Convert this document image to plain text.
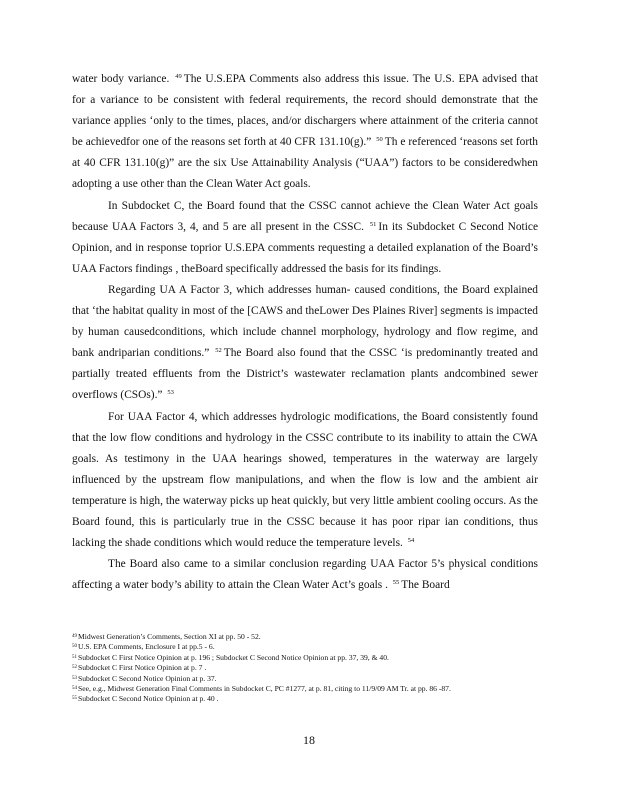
water body variance. $^{49}$ The U.S.EPA Comments also address this issue. The U.S. EPA advised that for a variance to be consistent with federal requirements, the record should demonstrate that the variance applies ‘only to the times, places, and/or dischargers where attainment of the criteria cannot be achievedfor one of the reasons set forth at 40 CFR 131.10(g).” $^{50}$ Th e referenced ‘reasons set forth at 40 CFR 131.10(g)” are the six Use Attainability Analysis (“UAA”) factors to be consideredwhen adopting a use other than the Clean Water Act goals.

In Subdocket C, the Board found that the CSSC cannot achieve the Clean Water Act goals because UAA Factors 3, 4, and 5 are all present in the CSSC. $^{51}$ In its Subdocket C Second Notice Opinion, and in response toprior U.S.EPA comments requesting a detailed explanation of the Board’s UAA Factors findings , theBoard specifically addressed the basis for its findings.

Regarding UA A Factor 3, which addresses human- caused conditions, the Board explained that ‘the habitat quality in most of the [CAWS and theLower Des Plaines River] segments is impacted by human causedconditions, which include channel morphology, hydrology and flow regime, and bank andriparian conditions.” $^{52}$ The Board also found that the CSSC ‘is predominantly treated and partially treated effluents from the District’s wastewater reclamation plants andcombined sewer overflows (CSOs).” $^{53}$

For UAA Factor 4, which addresses hydrologic modifications, the Board consistently found that the low flow conditions and hydrology in the CSSC contribute to its inability to attain the CWA goals. As testimony in the UAA hearings showed, temperatures in the waterway are largely influenced by the upstream flow manipulations, and when the flow is low and the ambient air temperature is high, the waterway picks up heat quickly, but very little ambient cooling occurs. As the Board found, this is particularly true in the CSSC because it has poor ripar ian conditions, thus lacking the shade conditions which would reduce the temperature levels. $^{54}$

The Board also came to a similar conclusion regarding UAA Factor 5’s physical conditions affecting a water body’s ability to attain the Clean Water Act’s goals . $^{55}$ The Board

$^{49}$Midwest Generation’s Comments, Section XI at pp. 50 - 52.
$^{50}$U.S. EPA Comments, Enclosure I at pp.5 - 6.
$^{51}$Subdocket C First Notice Opinion at p. 196 ; Subdocket C Second Notice Opinion at pp. 37, 39, & 40.
$^{52}$Subdocket C First Notice Opinion at p. 7 .
$^{53}$Subdocket C Second Notice Opinion at p. 37.
$^{54}$See, e.g., Midwest Generation Final Comments in Subdocket C, PC #1277, at p. 81, citing to 11/9/09 AM Tr. at pp. 86 -87.
$^{55}$Subdocket C Second Notice Opinion at p. 40 .
18
